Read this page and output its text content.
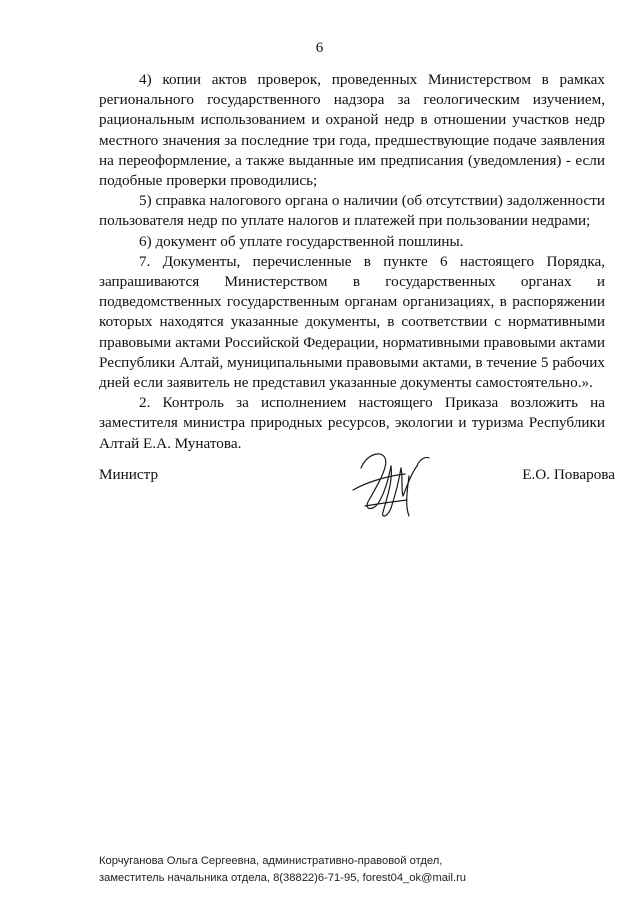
6

4) копии актов проверок, проведенных Министерством в рамках регионального государственного надзора за геологическим изучением, рациональным использованием и охраной недр в отношении участков недр местного значения за последние три года, предшествующие подаче заявления на переоформление, а также выданные им предписания (уведомления) - если подобные проверки проводились;

5) справка налогового органа о наличии (об отсутствии) задолженности пользователя недр по уплате налогов и платежей при пользовании недрами;

6) документ об уплате государственной пошлины.

7. Документы, перечисленные в пункте 6 настоящего Порядка, запрашиваются Министерством в государственных органах и подведомственных государственным органам организациях, в распоряжении которых находятся указанные документы, в соответствии с нормативными правовыми актами Российской Федерации, нормативными правовыми актами Республики Алтай, муниципальными правовыми актами, в течение 5 рабочих дней если заявитель не представил указанные документы самостоятельно.».

2. Контроль за исполнением настоящего Приказа возложить на заместителя министра природных ресурсов, экологии и туризма Республики Алтай Е.А. Мунатова.

Министр	Е.О. Поварова
Корчуганова Ольга Сергеевна, административно-правовой отдел,
заместитель начальника отдела, 8(38822)6-71-95, forest04_ok@mail.ru
